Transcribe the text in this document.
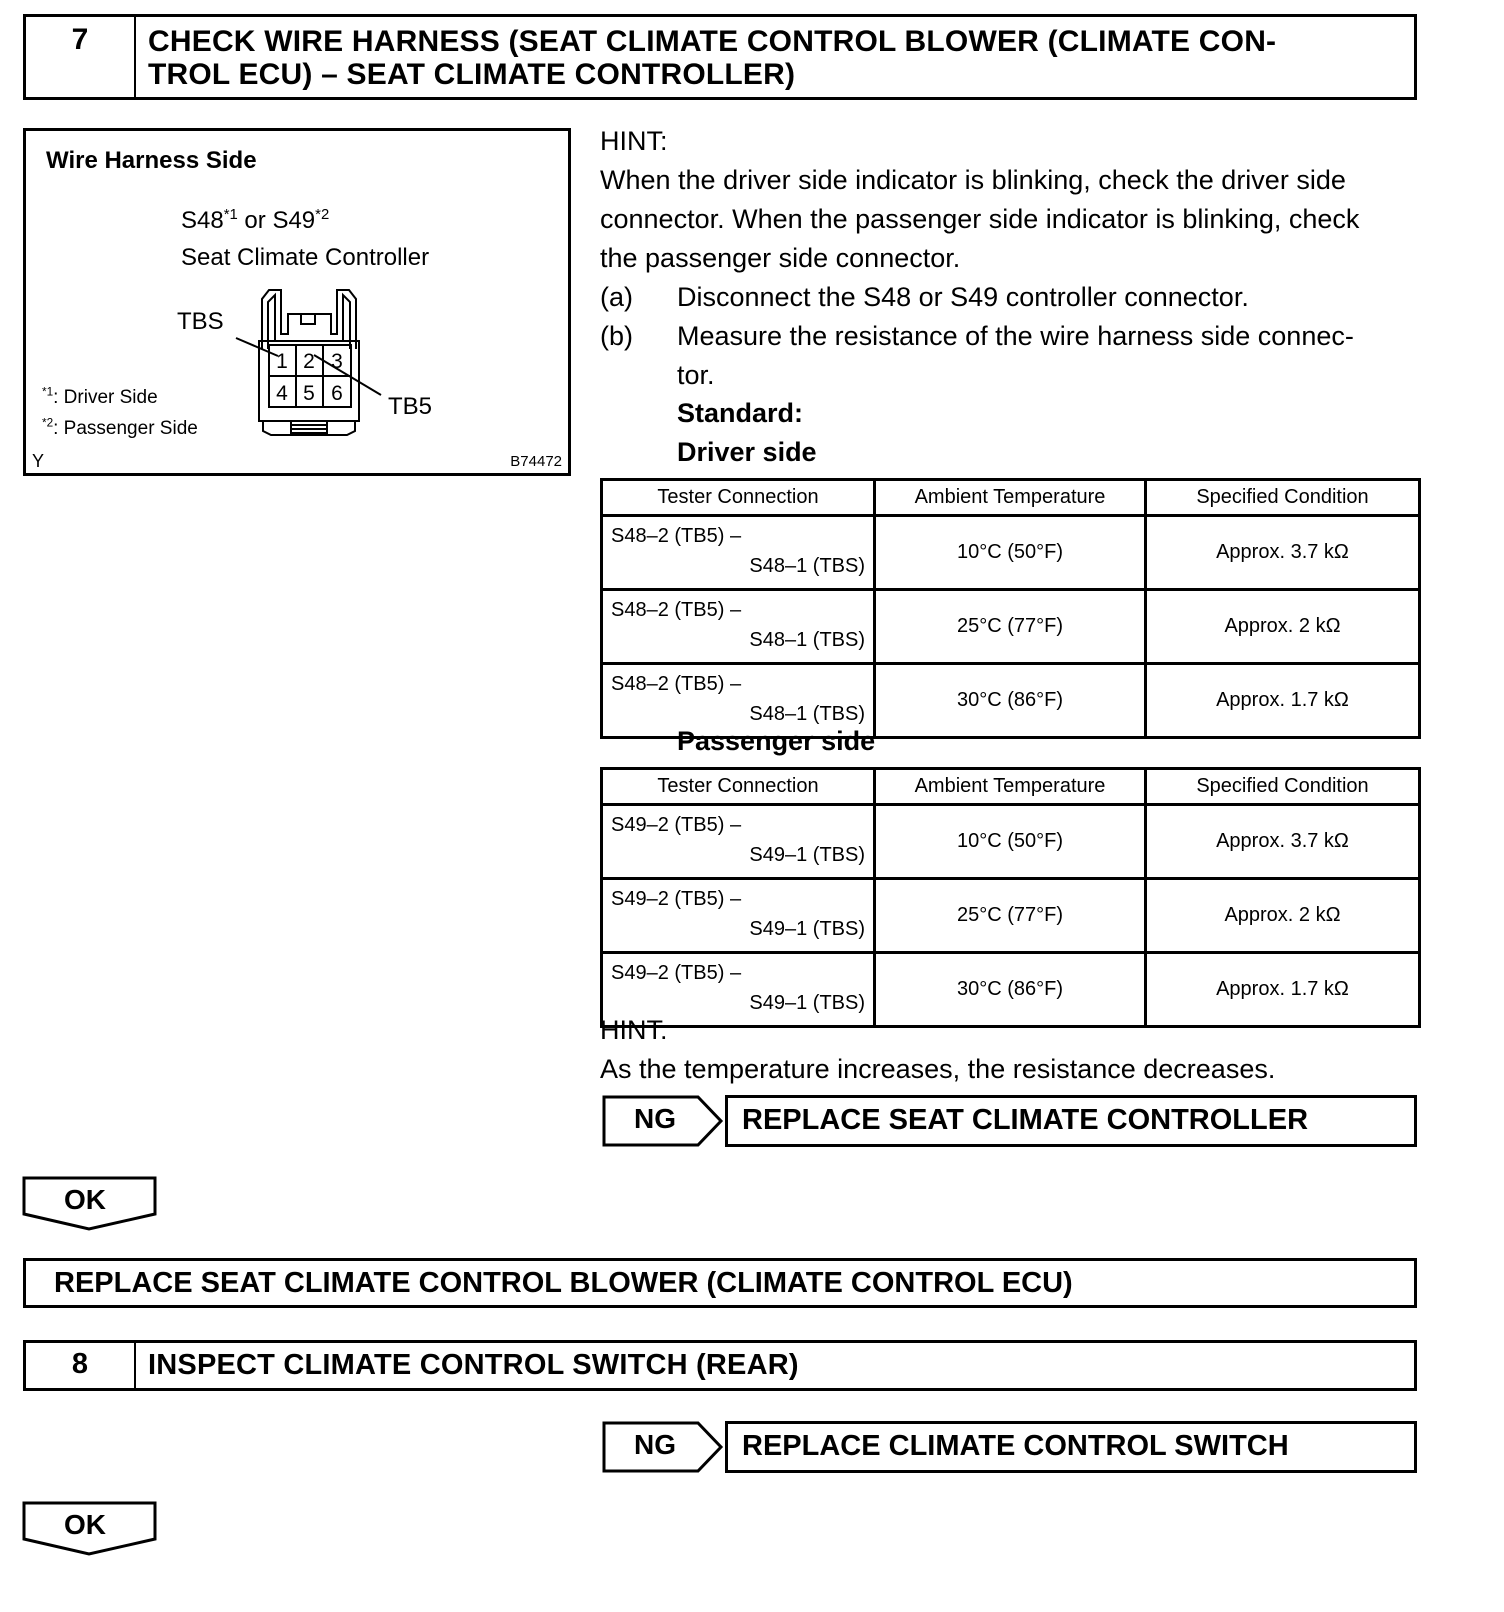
7	CHECK WIRE HARNESS (SEAT CLIMATE CONTROL BLOWER (CLIMATE CON-
TROL ECU) – SEAT CLIMATE CONTROLLER)
Wire Harness Side
S48$^{*1}$ or S49$^{*2}$
Seat Climate Controller
TBS
TB5
1 2 3
4 5 6
$^{*1}$: Driver Side
$^{*2}$: Passenger Side
Y	B74472
HINT:
When the driver side indicator is blinking, check the driver side
connector. When the passenger side indicator is blinking, check
the passenger side connector.
(a) Disconnect the S48 or S49 controller connector.
(b) Measure the resistance of the wire harness side connec-
tor.
Standard:
Driver side
Tester Connection	Ambient Temperature	Specified Condition
S48–2 (TB5) –
S48–1 (TBS)	10°C (50°F)	Approx. 3.7 kΩ
S48–2 (TB5) –
S48–1 (TBS)	25°C (77°F)	Approx. 2 kΩ
S48–2 (TB5) –
S48–1 (TBS)	30°C (86°F)	Approx. 1.7 kΩ
Passenger side
Tester Connection	Ambient Temperature	Specified Condition
S49–2 (TB5) –
S49–1 (TBS)	10°C (50°F)	Approx. 3.7 kΩ
S49–2 (TB5) –
S49–1 (TBS)	25°C (77°F)	Approx. 2 kΩ
S49–2 (TB5) –
S49–1 (TBS)	30°C (86°F)	Approx. 1.7 kΩ
HINT:
As the temperature increases, the resistance decreases.
NG	REPLACE SEAT CLIMATE CONTROLLER
OK
REPLACE SEAT CLIMATE CONTROL BLOWER (CLIMATE CONTROL ECU)
8	INSPECT CLIMATE CONTROL SWITCH (REAR)
NG	REPLACE CLIMATE CONTROL SWITCH
OK
